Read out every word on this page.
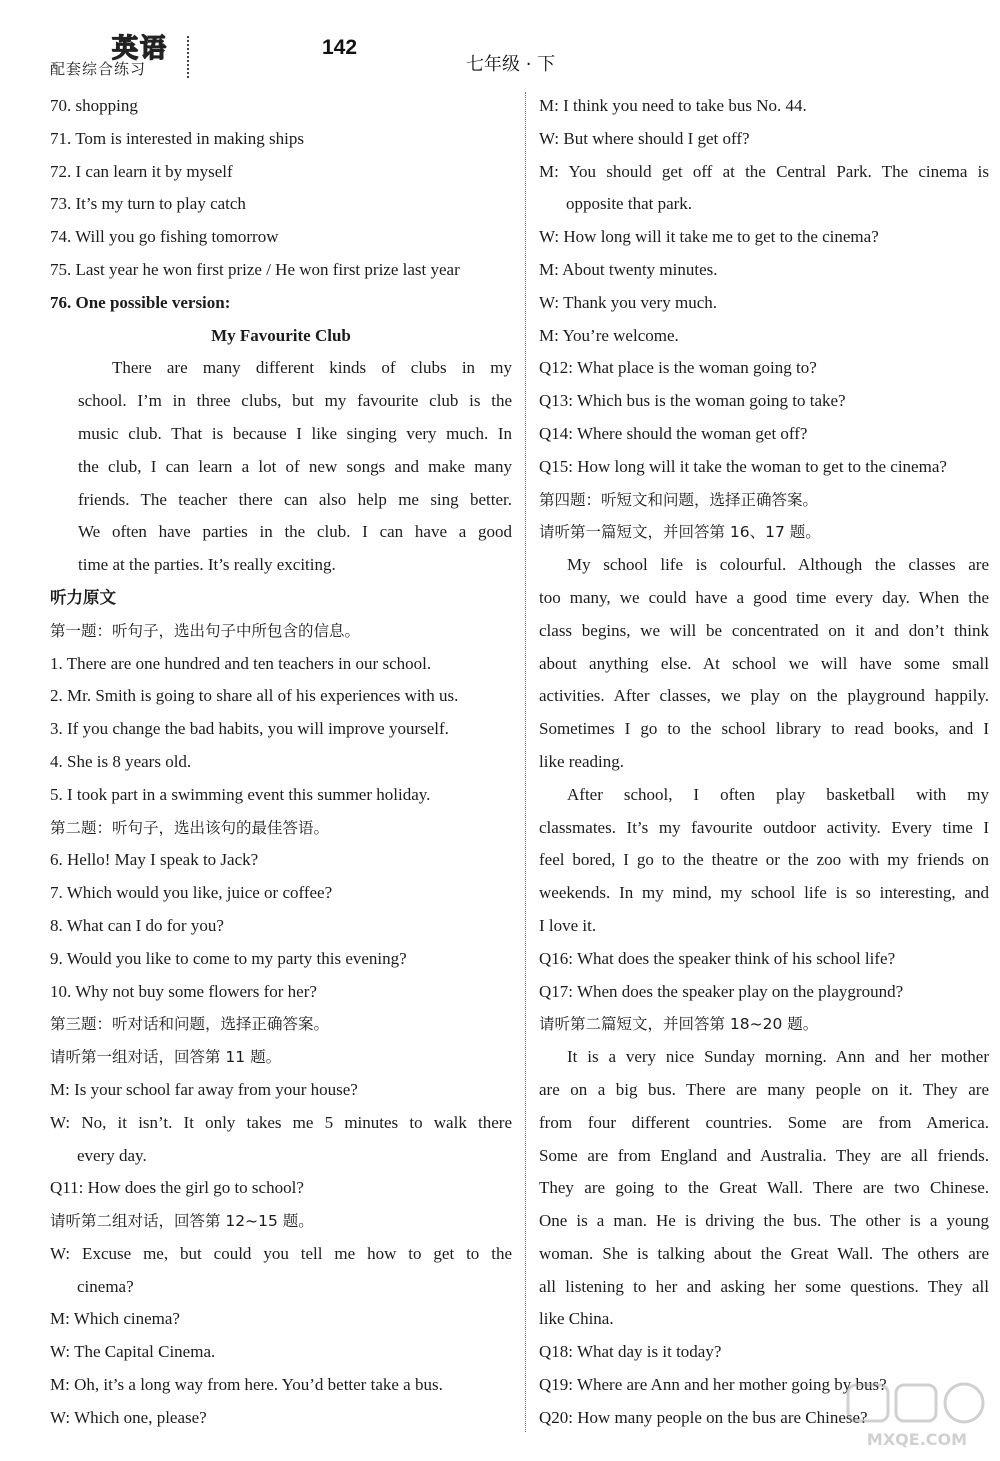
英语
配套综合练习
142
七年级 · 下
70. shopping
71. Tom is interested in making ships
72. I can learn it by myself
73. It’s my turn to play catch
74. Will you go fishing tomorrow
75. Last year he won first prize / He won first prize last year
76. One possible version:
My Favourite Club
There are many different kinds of clubs in my
school. I’m in three clubs, but my favourite club is the
music club. That is because I like singing very much. In
the club, I can learn a lot of new songs and make many
friends. The teacher there can also help me sing better.
We often have parties in the club. I can have a good
time at the parties. It’s really exciting.
听力原文
第一题：听句子，选出句子中所包含的信息。
1. There are one hundred and ten teachers in our school.
2. Mr. Smith is going to share all of his experiences with us.
3. If you change the bad habits, you will improve yourself.
4. She is 8 years old.
5. I took part in a swimming event this summer holiday.
第二题：听句子，选出该句的最佳答语。
6. Hello! May I speak to Jack?
7. Which would you like, juice or coffee?
8. What can I do for you?
9. Would you like to come to my party this evening?
10. Why not buy some flowers for her?
第三题：听对话和问题，选择正确答案。
请听第一组对话，回答第 11 题。
M: Is your school far away from your house?
W: No, it isn’t. It only takes me 5 minutes to walk there
every day.
Q11: How does the girl go to school?
请听第二组对话，回答第 12~15 题。
W: Excuse me, but could you tell me how to get to the
cinema?
M: Which cinema?
W: The Capital Cinema.
M: Oh, it’s a long way from here. You’d better take a bus.
W: Which one, please?
M: I think you need to take bus No. 44.
W: But where should I get off?
M: You should get off at the Central Park. The cinema is
opposite that park.
W: How long will it take me to get to the cinema?
M: About twenty minutes.
W: Thank you very much.
M: You’re welcome.
Q12: What place is the woman going to?
Q13: Which bus is the woman going to take?
Q14: Where should the woman get off?
Q15: How long will it take the woman to get to the cinema?
第四题：听短文和问题，选择正确答案。
请听第一篇短文，并回答第 16、17 题。
My school life is colourful. Although the classes are
too many, we could have a good time every day. When the
class begins, we will be concentrated on it and don’t think
about anything else. At school we will have some small
activities. After classes, we play on the playground happily.
Sometimes I go to the school library to read books, and I
like reading.
After school, I often play basketball with my
classmates. It’s my favourite outdoor activity. Every time I
feel bored, I go to the theatre or the zoo with my friends on
weekends. In my mind, my school life is so interesting, and
I love it.
Q16: What does the speaker think of his school life?
Q17: When does the speaker play on the playground?
请听第二篇短文，并回答第 18~20 题。
It is a very nice Sunday morning. Ann and her mother
are on a big bus. There are many people on it. They are
from four different countries. Some are from America.
Some are from England and Australia. They are all friends.
They are going to the Great Wall. There are two Chinese.
One is a man. He is driving the bus. The other is a young
woman. She is talking about the Great Wall. The others are
all listening to her and asking her some questions. They all
like China.
Q18: What day is it today?
Q19: Where are Ann and her mother going by bus?
Q20: How many people on the bus are Chinese?
MXQE.COM
